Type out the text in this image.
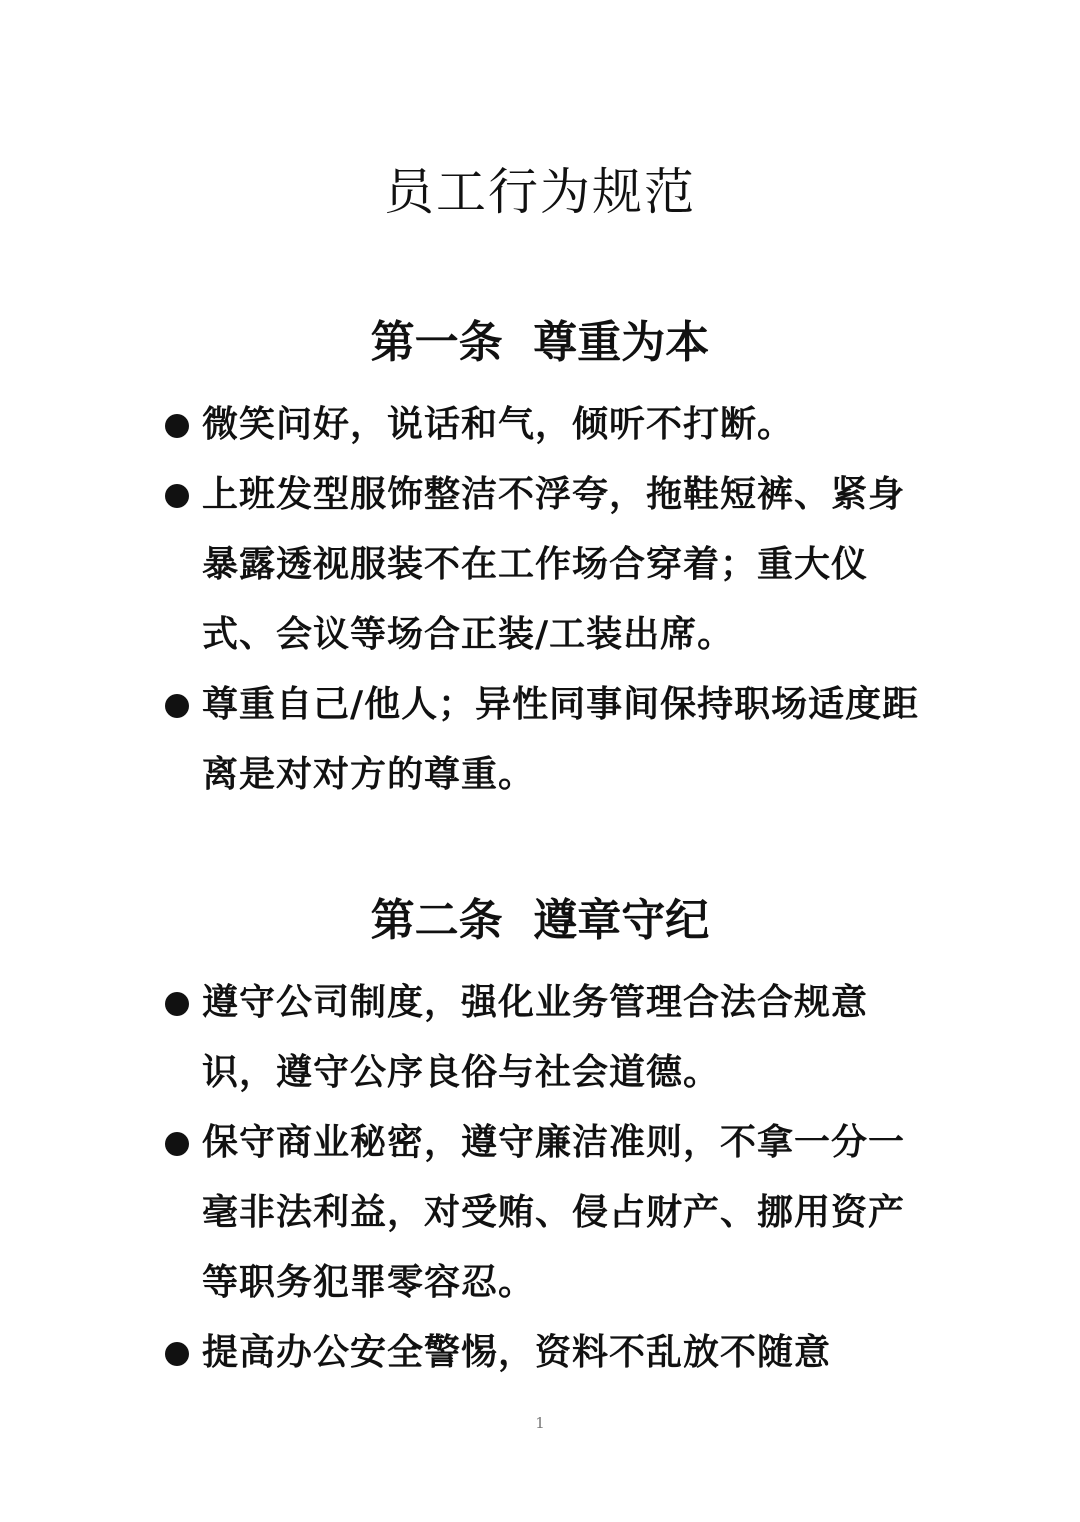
员工行为规范
第一条  尊重为本
微笑问好，说话和气，倾听不打断。
上班发型服饰整洁不浮夸，拖鞋短裤、紧身暴露透视服装不在工作场合穿着；重大仪式、会议等场合正装/工装出席。
尊重自己/他人；异性同事间保持职场适度距离是对对方的尊重。
第二条  遵章守纪
遵守公司制度，强化业务管理合法合规意识，遵守公序良俗与社会道德。
保守商业秘密，遵守廉洁准则，不拿一分一毫非法利益，对受贿、侵占财产、挪用资产等职务犯罪零容忍。
提高办公安全警惕，资料不乱放不随意
1
